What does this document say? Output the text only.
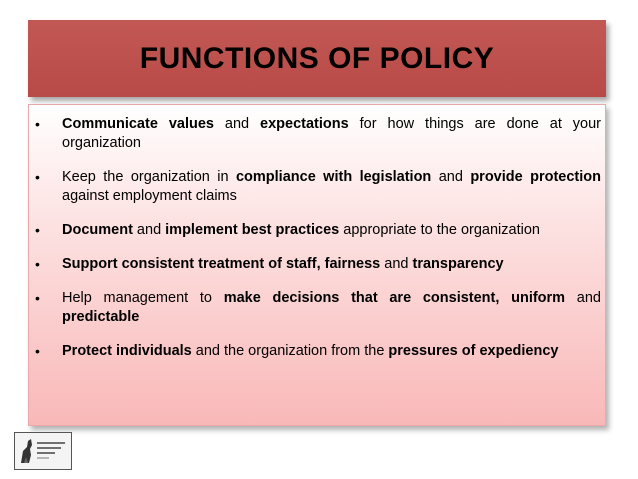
FUNCTIONS OF POLICY
• Communicate values and expectations for how things are done at your organization
• Keep the organization in compliance with legislation and provide protection against employment claims
• Document and implement best practices appropriate to the organization
• Support consistent treatment of staff, fairness and transparency
• Help management to make decisions that are consistent, uniform and predictable
• Protect individuals and the organization from the pressures of expediency
